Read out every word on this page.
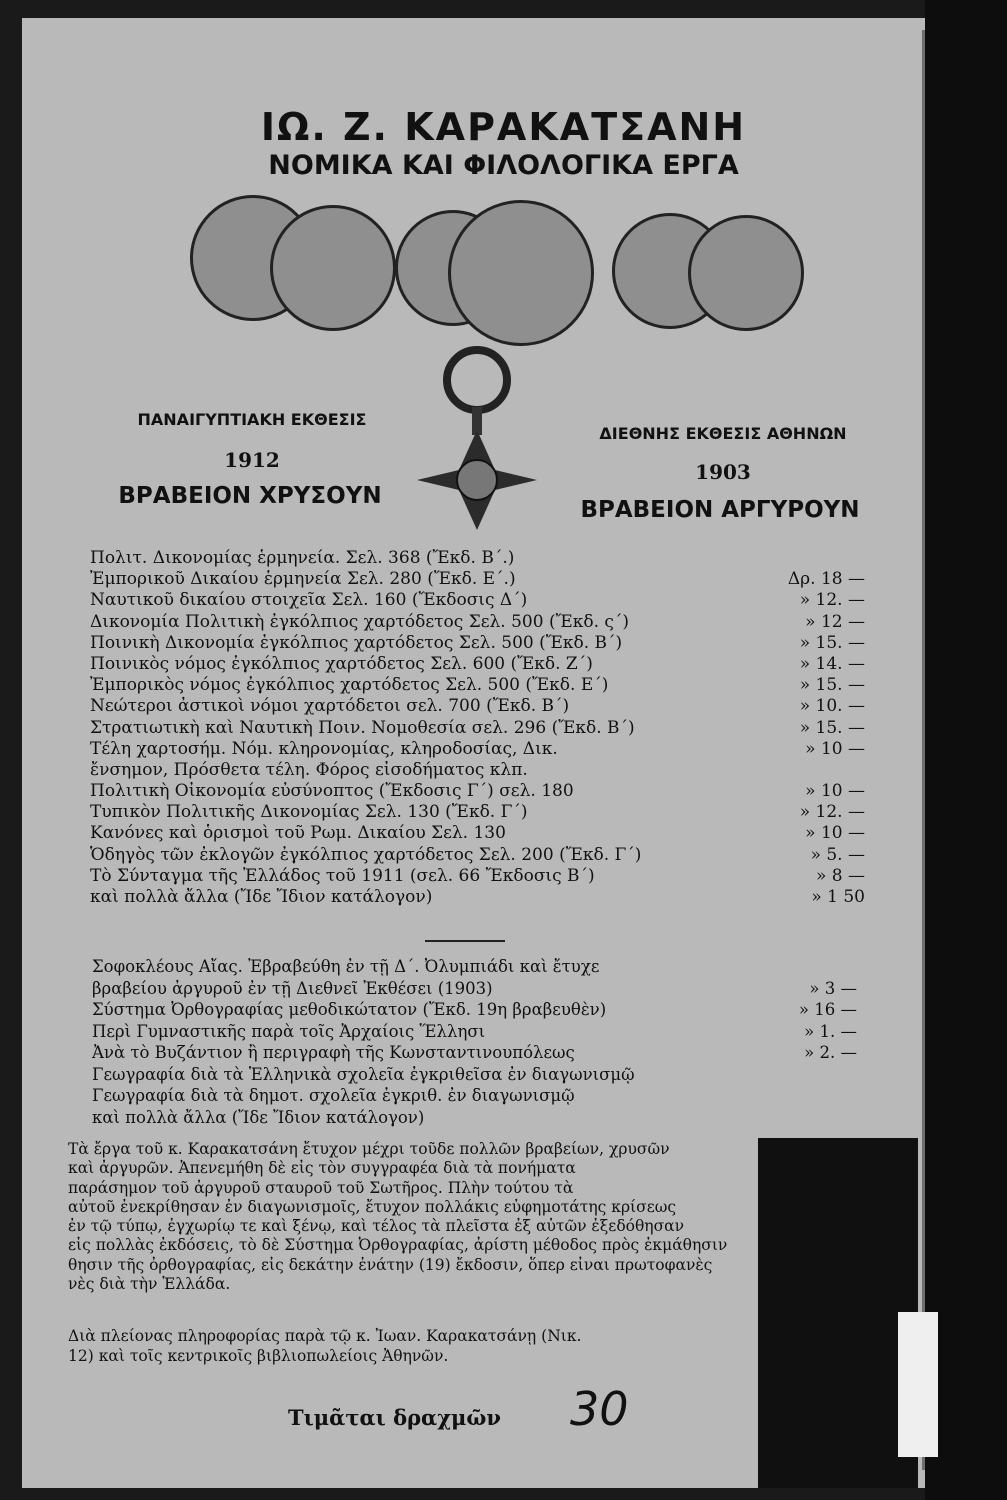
ΙΩ. Ζ. ΚΑΡΑΚΑΤΣΑΝΗ
ΝΟΜΙΚΑ ΚΑΙ ΦΙΛΟΛΟΓΙΚΑ ΕΡΓΑ
ΠΑΝΑΙΓΥΠΤΙΑΚΗ ΕΚΘΕΣΙΣ
1912
ΒΡΑΒΕΙΟΝ ΧΡΥΣΟΥΝ
ΔΙΕΘΝΗΣ ΕΚΘΕΣΙΣ ΑΘΗΝΩΝ
1903
ΒΡΑΒΕΙΟΝ ΑΡΓΥΡΟΥΝ
Πολιτ. Δικονομίας ἑρμηνεία. Σελ. 368 (Ἔκδ. Β΄.)
Ἐμπορικοῦ Δικαίου ἑρμηνεία Σελ. 280 (Ἔκδ. Ε΄.)	Δρ. 18 —
Ναυτικοῦ δικαίου στοιχεῖα Σελ. 160 (Ἔκδοσις Δ΄)	» 12. —
Δικονομία Πολιτικὴ ἐγκόλπιος χαρτόδετος Σελ. 500 (Ἔκδ. ς΄)	» 12 —
Ποινικὴ Δικονομία ἐγκόλπιος χαρτόδετος Σελ. 500 (Ἔκδ. Β΄)	» 15. —
Ποινικὸς νόμος ἐγκόλπιος χαρτόδετος Σελ. 600 (Ἔκδ. Ζ΄)	» 14. —
Ἐμπορικὸς νόμος ἐγκόλπιος χαρτόδετος Σελ. 500 (Ἔκδ. Ε΄)	» 15. —
Νεώτεροι ἀστικοὶ νόμοι χαρτόδετοι σελ. 700 (Ἔκδ. Β΄)	» 10. —
Στρατιωτικὴ καὶ Ναυτικὴ Ποιν. Νομοθεσία σελ. 296 (Ἔκδ. Β΄)	» 15. —
Τέλη χαρτοσήμ. Νόμ. κληρονομίας, κληροδοσίας, Δικ.	» 10 —
ἔνσημον, Πρόσθετα τέλη. Φόρος εἰσοδήματος κλπ.
Πολιτικὴ Οἰκονομία εὐσύνοπτος (Ἔκδοσις Γ΄) σελ. 180	» 10 —
Τυπικὸν Πολιτικῆς Δικονομίας Σελ. 130 (Ἔκδ. Γ΄)	» 12. —
Κανόνες καὶ ὁρισμοὶ τοῦ Ρωμ. Δικαίου Σελ. 130	» 10 —
Ὁδηγὸς τῶν ἐκλογῶν ἐγκόλπιος χαρτόδετος Σελ. 200 (Ἔκδ. Γ΄)	» 5. —
Τὸ Σύνταγμα τῆς Ἑλλάδος τοῦ 1911 (σελ. 66 Ἔκδοσις Β΄)	» 8 —
καὶ πολλὰ ἄλλα (Ἴδε Ἴδιον κατάλογον)	» 1 50
Σοφοκλέους Αἴας. Ἐβραβεύθη ἐν τῇ Δ΄. Ὀλυμπιάδι καὶ ἔτυχε
βραβείου ἀργυροῦ ἐν τῇ Διεθνεῖ Ἐκθέσει (1903)	» 3 —
Σύστημα Ὀρθογραφίας μεθοδικώτατον (Ἔκδ. 19η βραβευθὲν)	» 16 —
Περὶ Γυμναστικῆς παρὰ τοῖς Ἀρχαίοις Ἕλλησι	» 1. —
Ἀνὰ τὸ Βυζάντιον ἢ περιγραφὴ τῆς Κωνσταντινουπόλεως	» 2. —
Γεωγραφία διὰ τὰ Ἑλληνικὰ σχολεῖα ἐγκριθεῖσα ἐν διαγωνισμῷ
Γεωγραφία διὰ τὰ δημοτ. σχολεῖα ἐγκριθ. ἐν διαγωνισμῷ
καὶ πολλὰ ἄλλα (Ἴδε Ἴδιον κατάλογον)
Τὰ ἔργα τοῦ κ. Καρακατσάνη ἔτυχον μέχρι τοῦδε πολλῶν βραβείων, χρυσῶν
καὶ ἀργυρῶν. Ἀπενεμήθη δὲ εἰς τὸν συγγραφέα διὰ τὰ πονήματα
παράσημον τοῦ ἀργυροῦ σταυροῦ τοῦ Σωτῆρος. Πλὴν τούτου τὰ
αὐτοῦ ἐνεκρίθησαν ἐν διαγωνισμοῖς, ἔτυχον πολλάκις εὐφημοτάτης κρίσεως
ἐν τῷ τύπῳ, ἐγχωρίῳ τε καὶ ξένῳ, καὶ τέλος τὰ πλεῖστα ἐξ αὐτῶν ἐξεδόθησαν
εἰς πολλὰς ἐκδόσεις, τὸ δὲ Σύστημα Ὀρθογραφίας, ἀρίστη μέθοδος πρὸς ἐκμάθησιν
θησιν τῆς ὀρθογραφίας, εἰς δεκάτην ἐνάτην (19) ἔκδοσιν, ὅπερ εἶναι πρωτοφανὲς
νὲς διὰ τὴν Ἑλλάδα.
Διὰ πλείονας πληροφορίας παρὰ τῷ κ. Ἰωαν. Καρακατσάνῃ (Νικ.
12) καὶ τοῖς κεντρικοῖς βιβλιοπωλείοις Ἀθηνῶν.
Τιμᾶται δραχμῶν 30
